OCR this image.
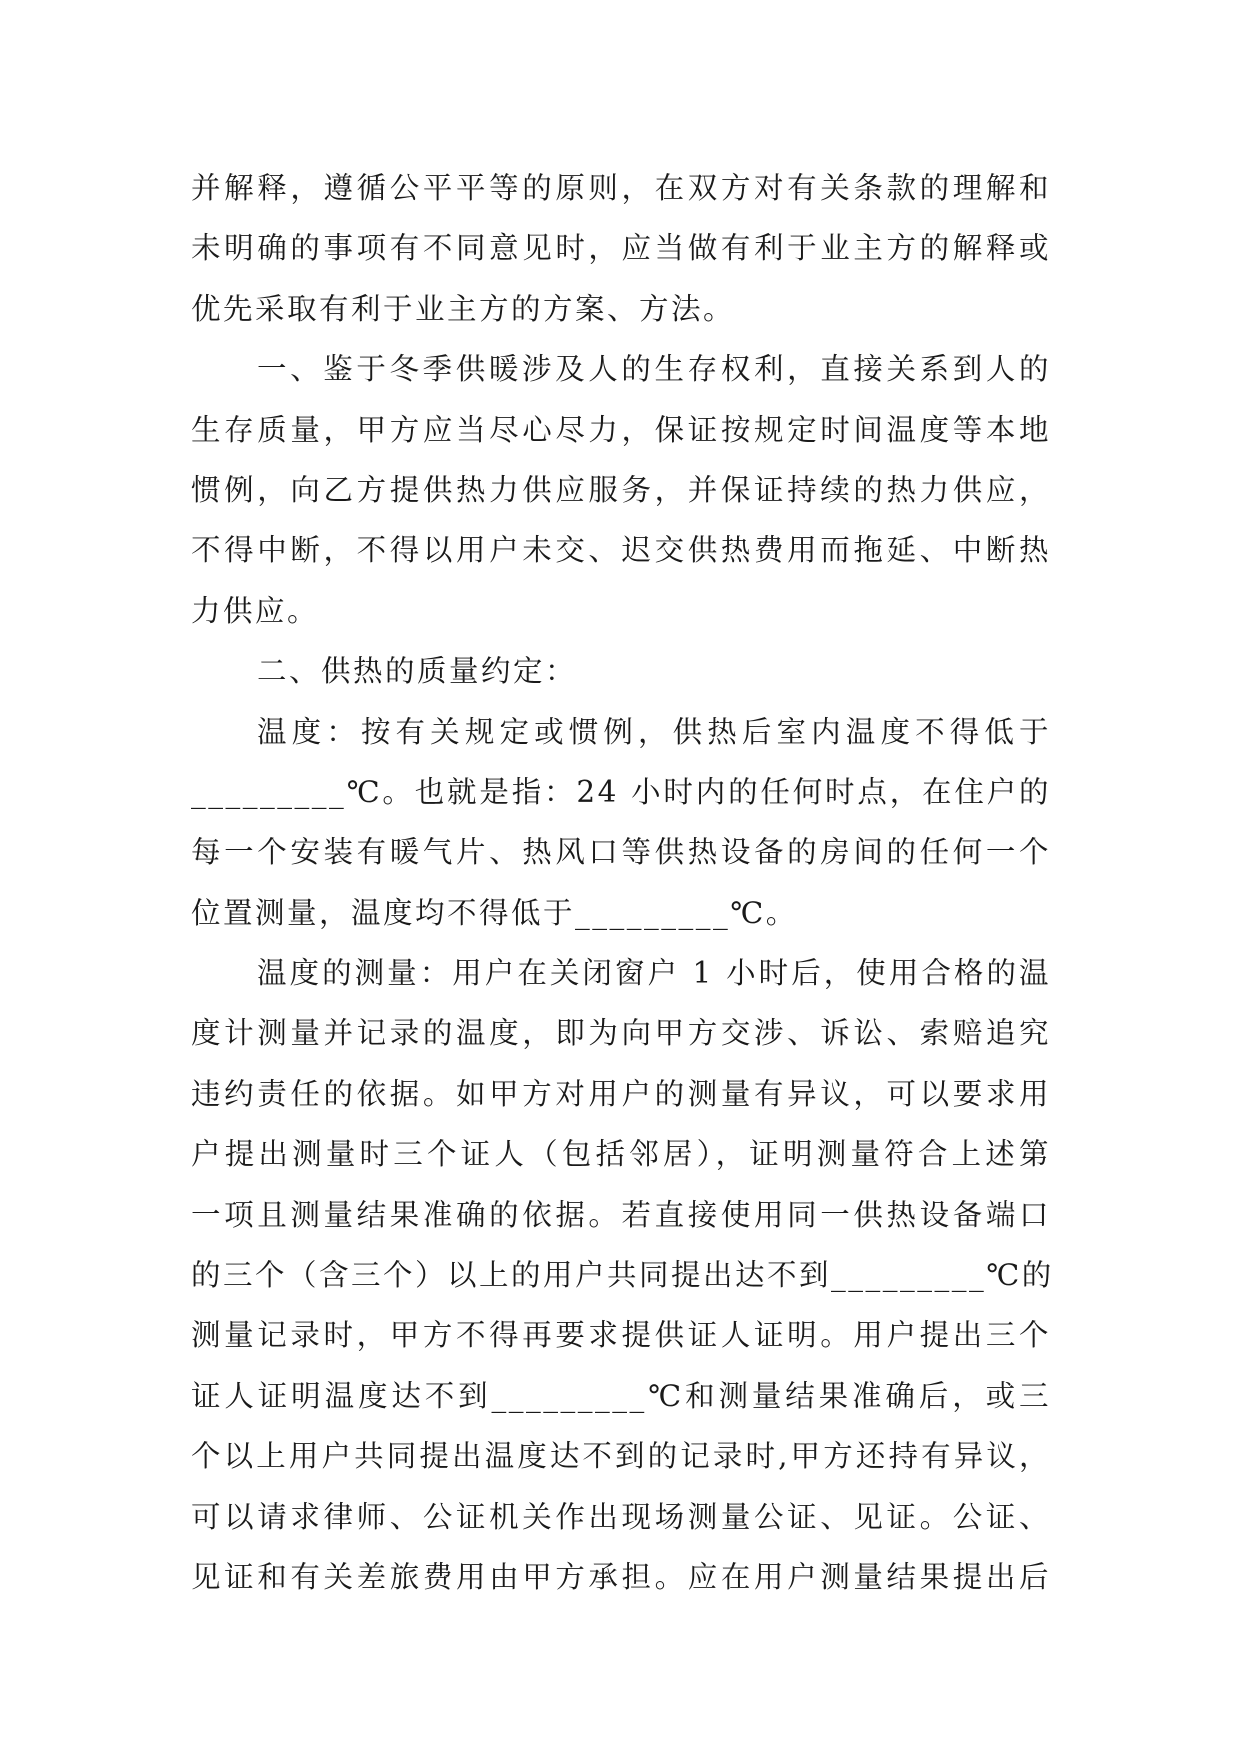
并解释，遵循公平平等的原则，在双方对有关条款的理解和
未明确的事项有不同意见时，应当做有利于业主方的解释或
优先采取有利于业主方的方案、方法。
一、鉴于冬季供暖涉及人的生存权利，直接关系到人的
生存质量，甲方应当尽心尽力，保证按规定时间温度等本地
惯例，向乙方提供热力供应服务，并保证持续的热力供应，
不得中断，不得以用户未交、迟交供热费用而拖延、中断热
力供应。
二、供热的质量约定：
温度：按有关规定或惯例，供热后室内温度不得低于
_________℃。也就是指：24 小时内的任何时点，在住户的
每一个安装有暖气片、热风口等供热设备的房间的任何一个
位置测量，温度均不得低于_________℃。
温度的测量：用户在关闭窗户 1 小时后，使用合格的温
度计测量并记录的温度，即为向甲方交涉、诉讼、索赔追究
违约责任的依据。如甲方对用户的测量有异议，可以要求用
户提出测量时三个证人（包括邻居），证明测量符合上述第
一项且测量结果准确的依据。若直接使用同一供热设备端口
的三个（含三个）以上的用户共同提出达不到_________℃的
测量记录时，甲方不得再要求提供证人证明。用户提出三个
证人证明温度达不到_________℃和测量结果准确后，或三
个以上用户共同提出温度达不到的记录时,甲方还持有异议，
可以请求律师、公证机关作出现场测量公证、见证。公证、
见证和有关差旅费用由甲方承担。应在用户测量结果提出后
